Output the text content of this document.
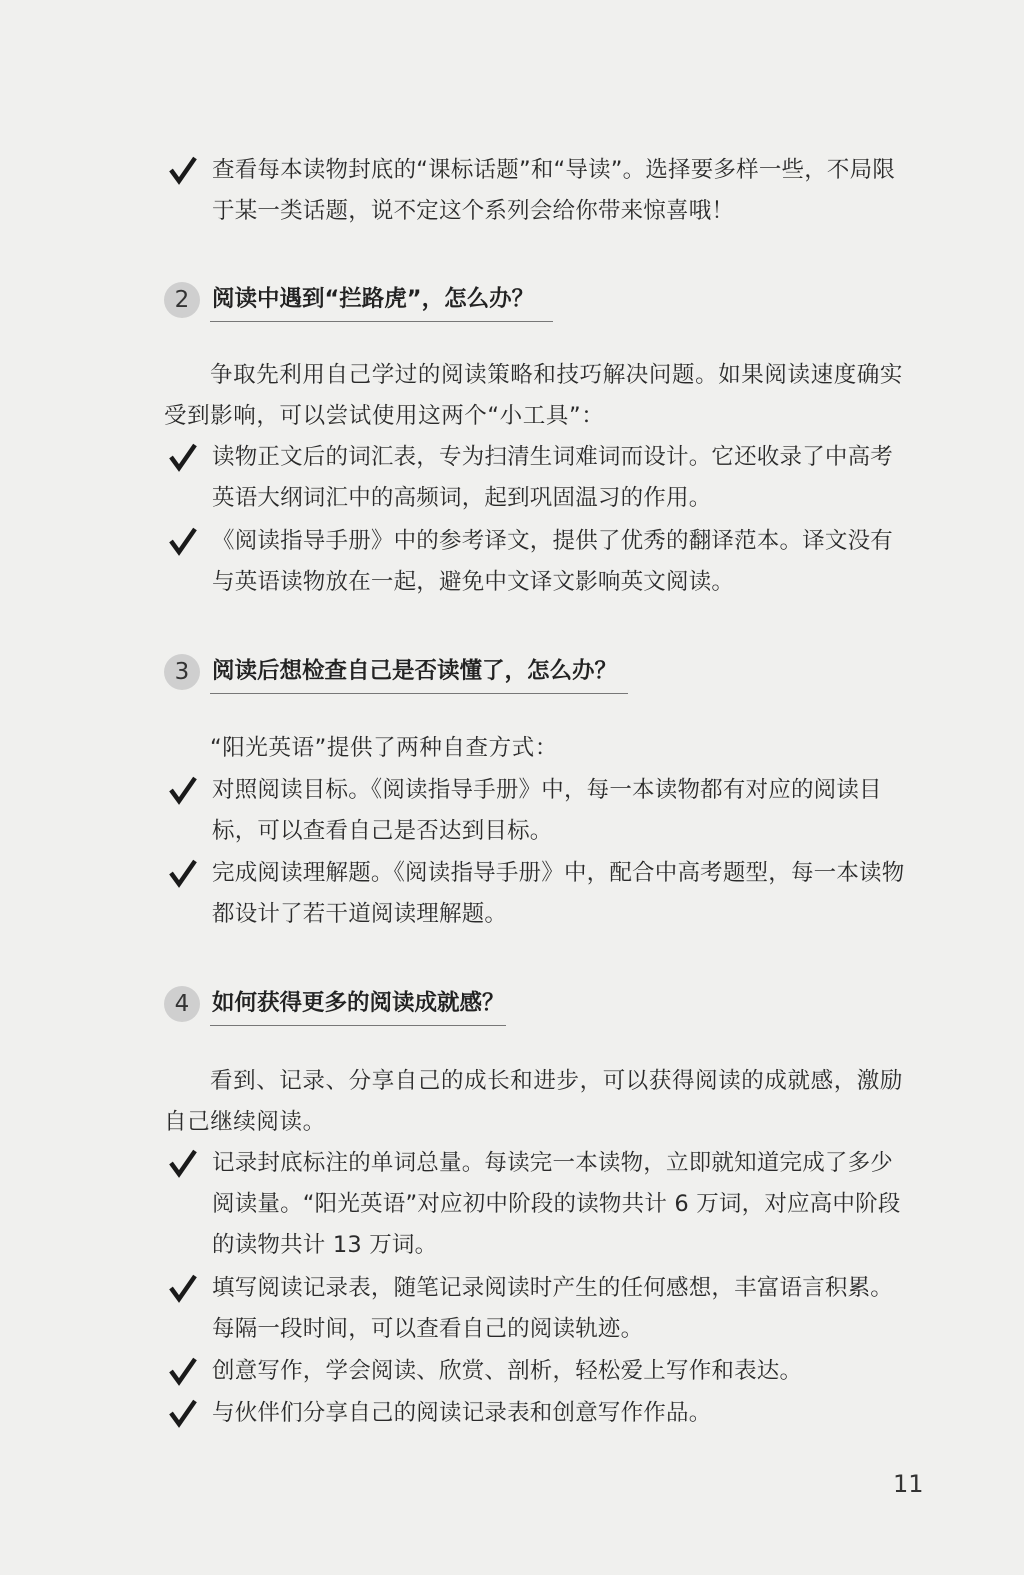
查看每本读物封底的“课标话题”和“导读”。选择要多样一些，不局限于某一类话题，说不定这个系列会给你带来惊喜哦！
2	阅读中遇到“拦路虎”，怎么办？
争取先利用自己学过的阅读策略和技巧解决问题。如果阅读速度确实受到影响，可以尝试使用这两个“小工具”：
读物正文后的词汇表，专为扫清生词难词而设计。它还收录了中高考英语大纲词汇中的高频词，起到巩固温习的作用。
《阅读指导手册》中的参考译文，提供了优秀的翻译范本。译文没有与英语读物放在一起，避免中文译文影响英文阅读。
3	阅读后想检查自己是否读懂了，怎么办？
“阳光英语”提供了两种自查方式：
对照阅读目标。《阅读指导手册》中，每一本读物都有对应的阅读目标，可以查看自己是否达到目标。
完成阅读理解题。《阅读指导手册》中，配合中高考题型，每一本读物都设计了若干道阅读理解题。
4	如何获得更多的阅读成就感？
看到、记录、分享自己的成长和进步，可以获得阅读的成就感，激励自己继续阅读。
记录封底标注的单词总量。每读完一本读物，立即就知道完成了多少阅读量。“阳光英语”对应初中阶段的读物共计 6 万词，对应高中阶段的读物共计 13 万词。
填写阅读记录表，随笔记录阅读时产生的任何感想，丰富语言积累。每隔一段时间，可以查看自己的阅读轨迹。
创意写作，学会阅读、欣赏、剖析，轻松爱上写作和表达。
与伙伴们分享自己的阅读记录表和创意写作作品。
11
